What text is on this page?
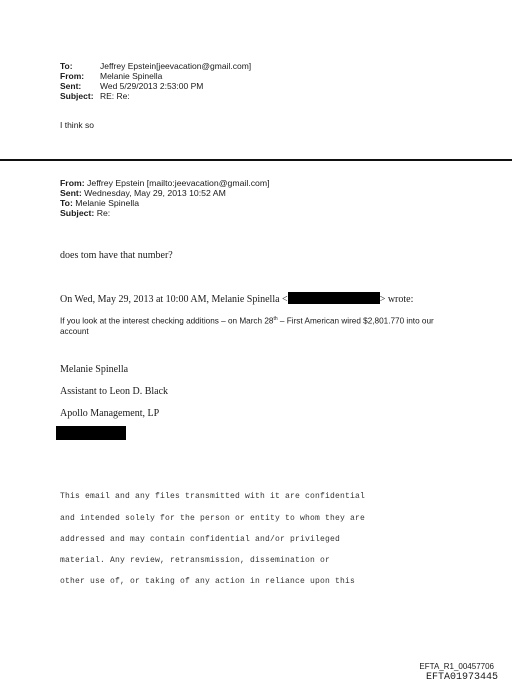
To:	Jeffrey Epstein[jeevacation@gmail.com]
From: Melanie Spinella
Sent: Wed 5/29/2013 2:53:00 PM
Subject: RE: Re:
I think so
From: Jeffrey Epstein [mailto:jeevacation@gmail.com]
Sent: Wednesday, May 29, 2013 10:52 AM
To: Melanie Spinella
Subject: Re:
does tom have that number?
On Wed, May 29, 2013 at 10:00 AM, Melanie Spinella <	> wrote:
If you look at the interest checking additions – on March 28th – First American wired $2,801.770 into our
account
Melanie Spinella
Assistant to Leon D. Black
Apollo Management, LP
This email and any files transmitted with it are confidential
and intended solely for the person or entity to whom they are
addressed and may contain confidential and/or privileged
material. Any review, retransmission, dissemination or
other use of, or taking of any action in reliance upon this
EFTA_R1_00457706
EFTA01973445
